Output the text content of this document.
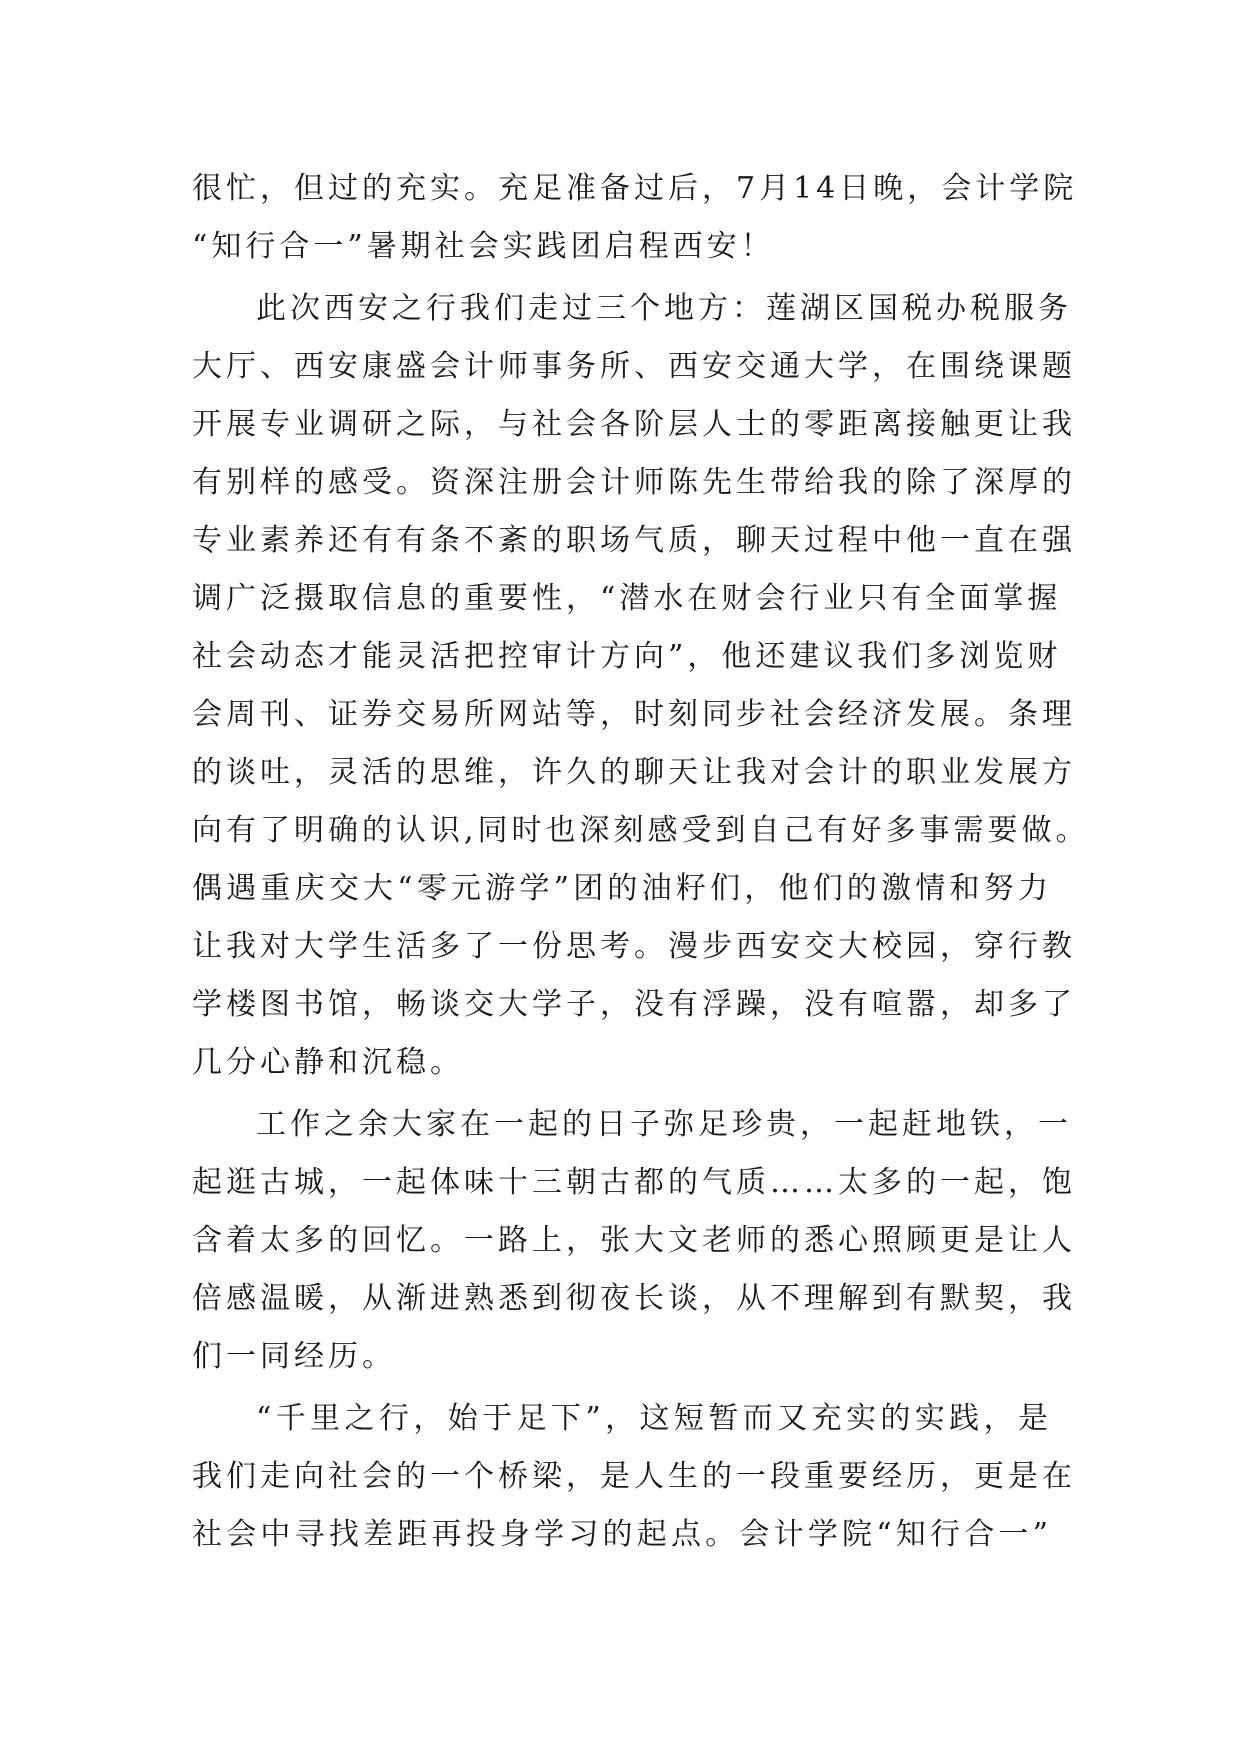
很忙，但过的充实。充足准备过后，7月14日晚，会计学院
“知行合一”暑期社会实践团启程西安！
此次西安之行我们走过三个地方：莲湖区国税办税服务
大厅、西安康盛会计师事务所、西安交通大学，在围绕课题
开展专业调研之际，与社会各阶层人士的零距离接触更让我
有别样的感受。资深注册会计师陈先生带给我的除了深厚的
专业素养还有有条不紊的职场气质，聊天过程中他一直在强
调广泛摄取信息的重要性，“潜水在财会行业只有全面掌握
社会动态才能灵活把控审计方向”，他还建议我们多浏览财
会周刊、证券交易所网站等，时刻同步社会经济发展。条理
的谈吐，灵活的思维，许久的聊天让我对会计的职业发展方
向有了明确的认识,同时也深刻感受到自己有好多事需要做。
偶遇重庆交大“零元游学”团的油籽们，他们的激情和努力
让我对大学生活多了一份思考。漫步西安交大校园，穿行教
学楼图书馆，畅谈交大学子，没有浮躁，没有喧嚣，却多了
几分心静和沉稳。
工作之余大家在一起的日子弥足珍贵，一起赶地铁，一
起逛古城，一起体味十三朝古都的气质……太多的一起，饱
含着太多的回忆。一路上，张大文老师的悉心照顾更是让人
倍感温暖，从渐进熟悉到彻夜长谈，从不理解到有默契，我
们一同经历。
“千里之行，始于足下”，这短暂而又充实的实践，是
我们走向社会的一个桥梁，是人生的一段重要经历，更是在
社会中寻找差距再投身学习的起点。会计学院“知行合一”
